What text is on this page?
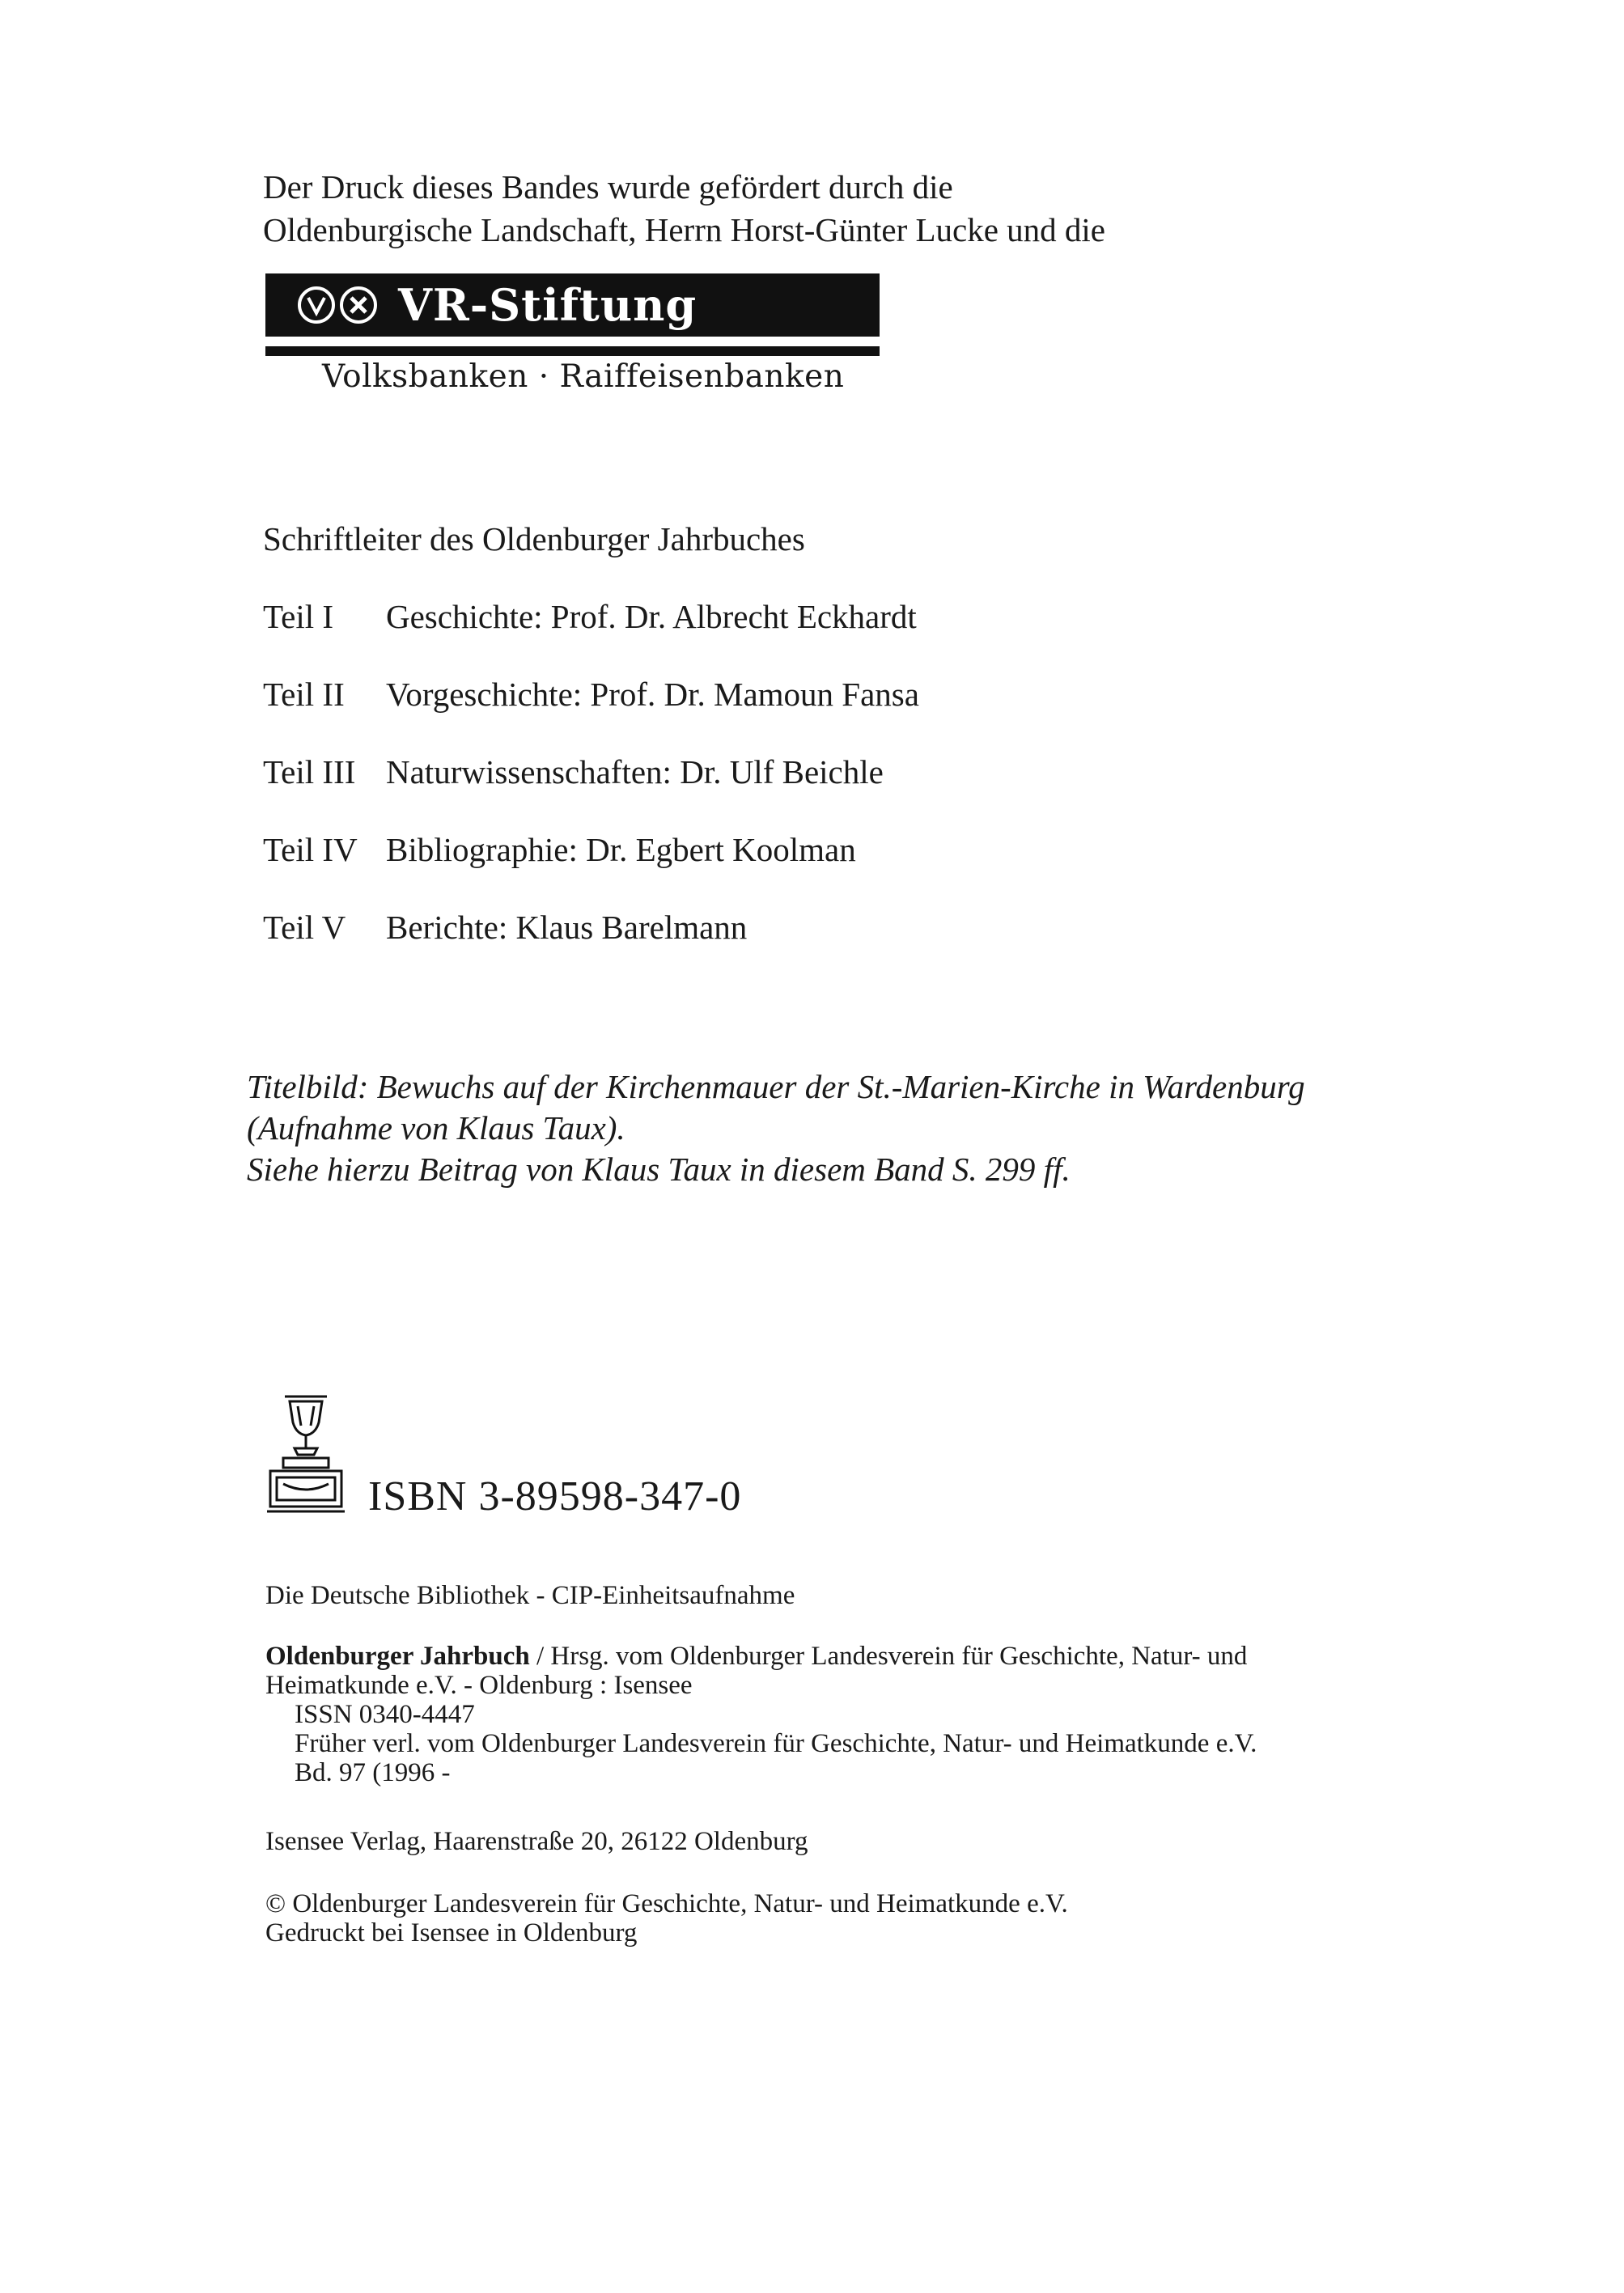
Der Druck dieses Bandes wurde gefördert durch die
Oldenburgische Landschaft, Herrn Horst-Günter Lucke und die
VR-Stiftung
Volksbanken · Raiffeisenbanken
Schriftleiter des Oldenburger Jahrbuches
Teil I	Geschichte: Prof. Dr. Albrecht Eckhardt
Teil II	Vorgeschichte: Prof. Dr. Mamoun Fansa
Teil III Naturwissenschaften: Dr. Ulf Beichle
Teil IV Bibliographie: Dr. Egbert Koolman
Teil V	Berichte: Klaus Barelmann
Titelbild: Bewuchs auf der Kirchenmauer der St.-Marien-Kirche in Wardenburg
(Aufnahme von Klaus Taux).
Siehe hierzu Beitrag von Klaus Taux in diesem Band S. 299 ff.
ISBN 3-89598-347-0
Die Deutsche Bibliothek - CIP-Einheitsaufnahme
Oldenburger Jahrbuch / Hrsg. vom Oldenburger Landesverein für Geschichte, Natur- und
Heimatkunde e.V. - Oldenburg : Isensee
ISSN 0340-4447
Früher verl. vom Oldenburger Landesverein für Geschichte, Natur- und Heimatkunde e.V.
Bd. 97 (1996 -
Isensee Verlag, Haarenstraße 20, 26122 Oldenburg
© Oldenburger Landesverein für Geschichte, Natur- und Heimatkunde e.V.
Gedruckt bei Isensee in Oldenburg
